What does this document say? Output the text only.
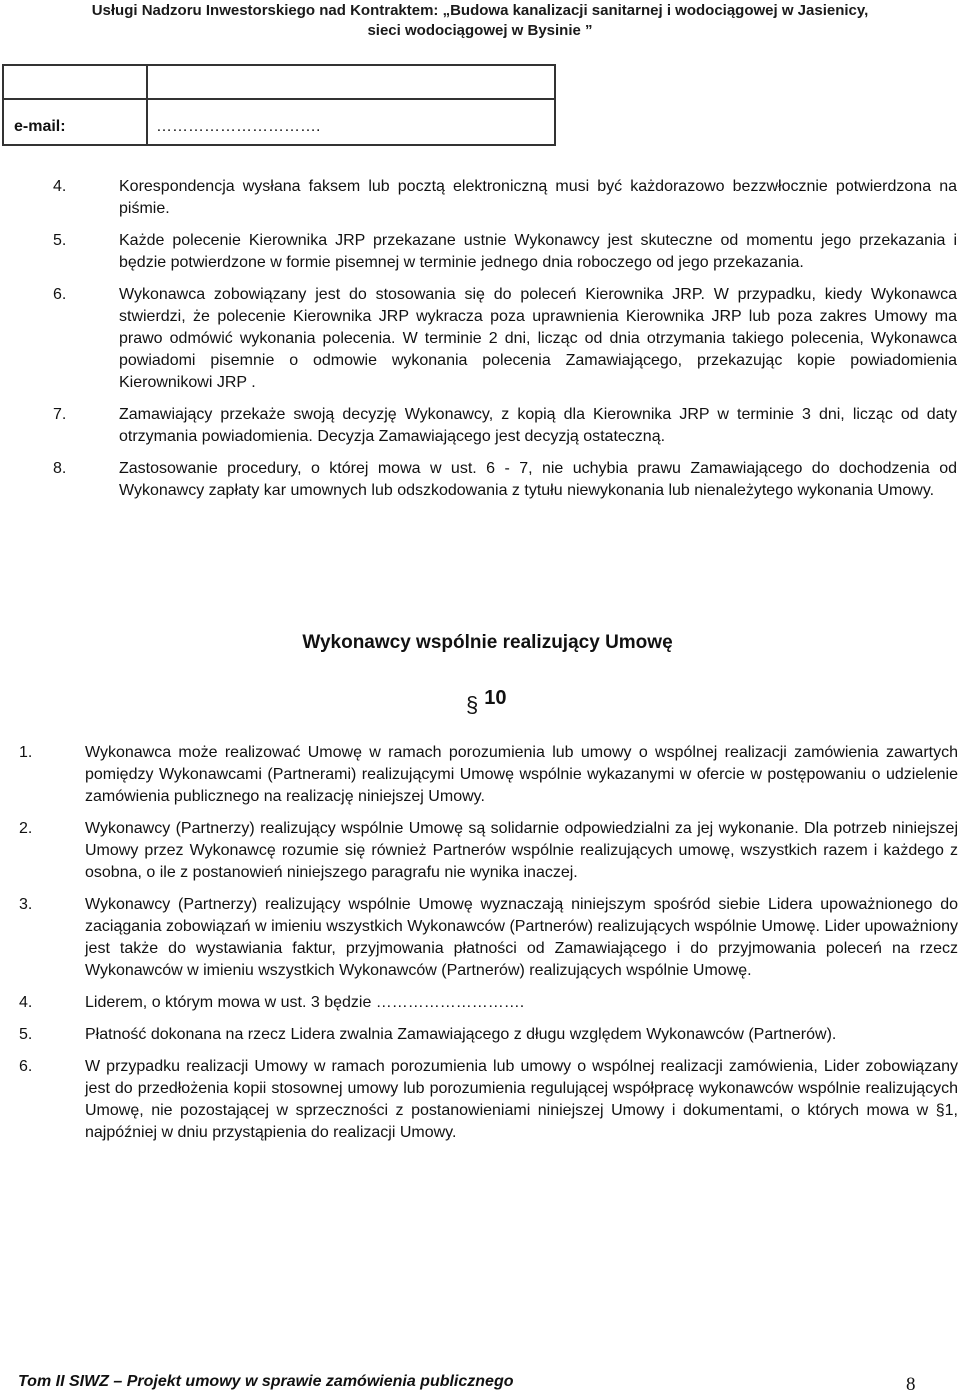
Usługi Nadzoru Inwestorskiego nad Kontraktem: „Budowa kanalizacji sanitarnej i wodociągowej w Jasienicy,
sieci wodociągowej w Bysinie ”

e-mail:	………………………….
4.	Korespondencja wysłana faksem lub pocztą elektroniczną musi być każdorazowo bezzwłocznie potwierdzona na piśmie.
5.	Każde polecenie Kierownika JRP przekazane ustnie Wykonawcy jest skuteczne od momentu jego przekazania i będzie potwierdzone w formie pisemnej w terminie jednego dnia roboczego od jego przekazania.
6.	Wykonawca zobowiązany jest do stosowania się do poleceń Kierownika JRP. W przypadku, kiedy Wykonawca stwierdzi, że polecenie Kierownika JRP wykracza poza uprawnienia Kierownika JRP lub poza zakres Umowy ma prawo odmówić wykonania polecenia. W terminie 2 dni, licząc od dnia otrzymania takiego polecenia, Wykonawca powiadomi pisemnie o odmowie wykonania polecenia Zamawiającego, przekazując kopie powiadomienia Kierownikowi JRP .
7.	Zamawiający przekaże swoją decyzję Wykonawcy, z kopią dla Kierownika JRP w terminie 3 dni, licząc od daty otrzymania powiadomienia. Decyzja Zamawiającego jest decyzją ostateczną.
8.	Zastosowanie procedury, o której mowa w ust. 6 - 7, nie uchybia prawu Zamawiającego do dochodzenia od Wykonawcy zapłaty kar umownych lub odszkodowania z tytułu niewykonania lub nienależytego wykonania Umowy.
Wykonawcy wspólnie realizujący Umowę
§ 10
1.	Wykonawca może realizować Umowę w ramach porozumienia lub umowy o wspólnej realizacji zamówienia zawartych pomiędzy Wykonawcami (Partnerami) realizującymi Umowę wspólnie wykazanymi w ofercie w postępowaniu o udzielenie zamówienia publicznego na realizację niniejszej Umowy.
2.	Wykonawcy (Partnerzy) realizujący wspólnie Umowę są solidarnie odpowiedzialni za jej wykonanie. Dla potrzeb niniejszej Umowy przez Wykonawcę rozumie się również Partnerów wspólnie realizujących umowę, wszystkich razem i każdego z osobna, o ile z postanowień niniejszego paragrafu nie wynika inaczej.
3.	Wykonawcy (Partnerzy) realizujący wspólnie Umowę wyznaczają niniejszym spośród siebie Lidera upoważnionego do zaciągania zobowiązań w imieniu wszystkich Wykonawców (Partnerów) realizujących wspólnie Umowę. Lider upoważniony jest także do wystawiania faktur, przyjmowania płatności od Zamawiającego i do przyjmowania poleceń na rzecz Wykonawców w imieniu wszystkich Wykonawców (Partnerów) realizujących wspólnie Umowę.
4.	Liderem, o którym mowa w ust. 3 będzie ……………………….
5.	Płatność dokonana na rzecz Lidera zwalnia Zamawiającego z długu względem Wykonawców (Partnerów).
6.	W przypadku realizacji Umowy w ramach porozumienia lub umowy o wspólnej realizacji zamówienia, Lider zobowiązany jest do przedłożenia kopii stosownej umowy lub porozumienia regulującej współpracę wykonawców wspólnie realizujących Umowę, nie pozostającej w sprzeczności z postanowieniami niniejszej Umowy i dokumentami, o których mowa w §1, najpóźniej w dniu przystąpienia do realizacji Umowy.
Tom II SIWZ – Projekt umowy w sprawie zamówienia publicznego	8
